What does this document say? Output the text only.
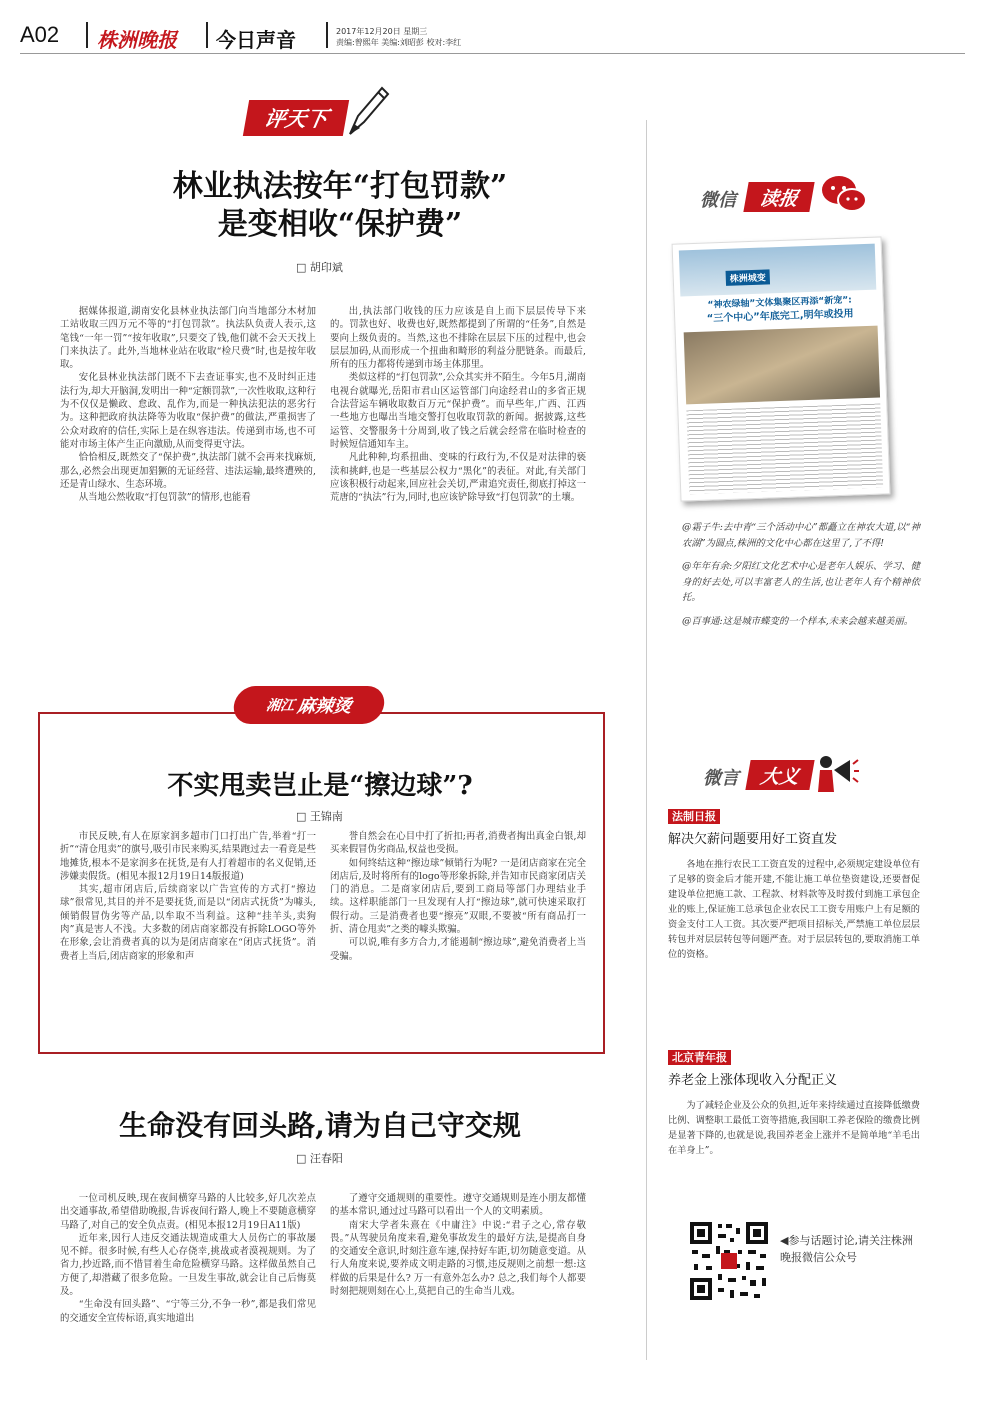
A02 株洲晚报 今日声音	2017年12月20日 星期三
责编:曾熙年 美编:刘昭彭 校对:李红
评天下
林业执法按年“打包罚款”
是变相收“保护费”
□ 胡印斌

据媒体报道,湖南安化县林业执法部门向当地部分木材加工站收取三四万元不等的“打包罚款”。执法队负责人表示,这笔钱“一年一罚”“按年收取”,只要交了钱,他们就不会天天找上门来执法了。此外,当地林业站在收取“检尺费”时,也是按年收取。

安化县林业执法部门既不下去查证事实,也不及时纠正违法行为,却大开脑洞,发明出一种“定额罚款”,一次性收取,这种行为不仅仅是懒政、怠政、乱作为,而是一种执法犯法的恶劣行为。这种把政府执法降等为收取“保护费”的做法,严重损害了公众对政府的信任,实际上是在纵容违法。传递到市场,也不可能对市场主体产生正向激励,从而变得更守法。

恰恰相反,既然交了“保护费”,执法部门就不会再来找麻烦,那么,必然会出现更加猖獗的无证经营、违法运输,最终遭殃的,还是青山绿水、生态环境。

从当地公然收取“打包罚款”的情形,也能看

出,执法部门收钱的压力应该是自上而下层层传导下来的。罚款也好、收费也好,既然都提到了所谓的“任务”,自然是要向上级负责的。当然,这也不排除在层层下压的过程中,也会层层加码,从而形成一个扭曲和畸形的利益分肥链条。而最后,所有的压力都将传递到市场主体那里。

类似这样的“打包罚款”,公众其实并不陌生。今年5月,湖南电视台就曝光,岳阳市君山区运管部门向途经君山的多省正规合法营运车辆收取数百万元“保护费”。而早些年,广西、江西一些地方也曝出当地交警打包收取罚款的新闻。据披露,这些运管、交警服务十分周到,收了钱之后就会经常在临时检查的时候短信通知车主。

凡此种种,均系扭曲、变味的行政行为,不仅是对法律的亵渎和挑衅,也是一些基层公权力“黑化”的表征。对此,有关部门应该积极行动起来,回应社会关切,严肃追究责任,彻底打掉这一荒唐的“执法”行为,同时,也应该铲除导致“打包罚款”的土壤。

湘江 麻辣烫
不实甩卖岂止是“擦边球”?
□ 王锦南

市民反映,有人在原家润多超市门口打出广告,举着“打一折”“清仓甩卖”的旗号,吸引市民来购买,结果跑过去一看竟是些地摊货,根本不是家润多在抚货,是有人打着超市的名义促销,还涉嫌卖假货。(相见本报12月19日14版报道)

其实,超市闭店后,后续商家以广告宣传的方式打“擦边球”很常见,其目的并不是要抚货,而是以“闭店式抚货”为噱头,倾销假冒伪劣等产品,以牟取不当利益。这种“挂羊头,卖狗肉”真是害人不浅。大多数的闭店商家都没有拆除LOGO等外在形象,会让消费者真的以为是闭店商家在“闭店式抚货”。消费者上当后,闭店商家的形象和声

誉自然会在心目中打了折扣;再者,消费者掏出真金白银,却买来假冒伪劣商品,权益也受损。

如何终结这种“擦边球”倾销行为呢? 一是闭店商家在完全闭店后,及时将所有的logo等形象拆除,并告知市民商家闭店关门的消息。二是商家闭店后,要到工商局等部门办理结业手续。这样职能部门一旦发现有人打“擦边球”,就可快速采取打假行动。三是消费者也要“擦亮”双眼,不要被“所有商品打一折、清仓甩卖”之类的噱头欺骗。

可以说,唯有多方合力,才能遏制“擦边球”,避免消费者上当受骗。

生命没有回头路,请为自己守交规
□ 汪春阳

一位司机反映,现在夜间横穿马路的人比较多,好几次差点出交通事故,希望借助晚报,告诉夜间行路人,晚上不要随意横穿马路了,对自己的安全负点责。(相见本报12月19日A11版)

近年来,因行人违反交通法规造成重大人员伤亡的事故屡见不鲜。很多时候,有些人心存侥幸,挑战或者漠视规则。为了省力,抄近路,而不惜冒着生命危险横穿马路。这样做虽然自己方便了,却潜藏了很多危险。一旦发生事故,就会让自己后悔莫及。

“生命没有回头路”、“宁等三分,不争一秒”,都是我们常见的交通安全宣传标语,真实地道出

了遵守交通规则的重要性。遵守交通规则是连小朋友都懂的基本常识,通过过马路可以看出一个人的文明素质。

南宋大学者朱熹在《中庸注》中说:“君子之心,常存敬畏。”从驾驶员角度来看,避免事故发生的最好方法,是提高自身的交通安全意识,时刻注意车速,保持好车距,切勿随意变道。从行人角度来说,要养成文明走路的习惯,违反规则之前想一想:这样做的后果是什么? 万一有意外怎么办? 总之,我们每个人都要时刻把规则刻在心上,莫把自己的生命当儿戏。

微信	读报
株洲城变
“神农绿轴”文体集聚区再添“新宠”:
“三个中心”年底完工,明年或投用

@霜子牛:去中青“三个活动中心”都矗立在神农大道,以“神农湖”为圆点,株洲的文化中心都在这里了,了不得!

@年年有余:夕阳红文化艺术中心是老年人娱乐、学习、健身的好去处,可以丰富老人的生活,也让老年人有个精神依托。

@百事通:这是城市蝶变的一个样本,未来会越来越美丽。

微言	大义
法制日报
解决欠薪问题要用好工资直发
各地在推行农民工工资直发的过程中,必须规定建设单位有了足够的资金后才能开建,不能让施工单位垫资建设,还要督促建设单位把施工款、工程款、材料款等及时拨付到施工承包企业的账上,保证施工总承包企业农民工工资专用账户上有足额的资金支付工人工资。其次要严把项目招标关,严禁施工单位层层转包并对层层转包等问题严查。对于层层转包的,要取消施工单位的资格。
北京青年报
养老金上涨体现收入分配正义
为了减轻企业及公众的负担,近年来持续通过直接降低缴费比例、调整职工最低工资等措施,我国职工养老保险的缴费比例是显著下降的,也就是说,我国养老金上涨并不是简单地“羊毛出在羊身上”。
◀参与话题讨论,请关注株洲晚报微信公众号
